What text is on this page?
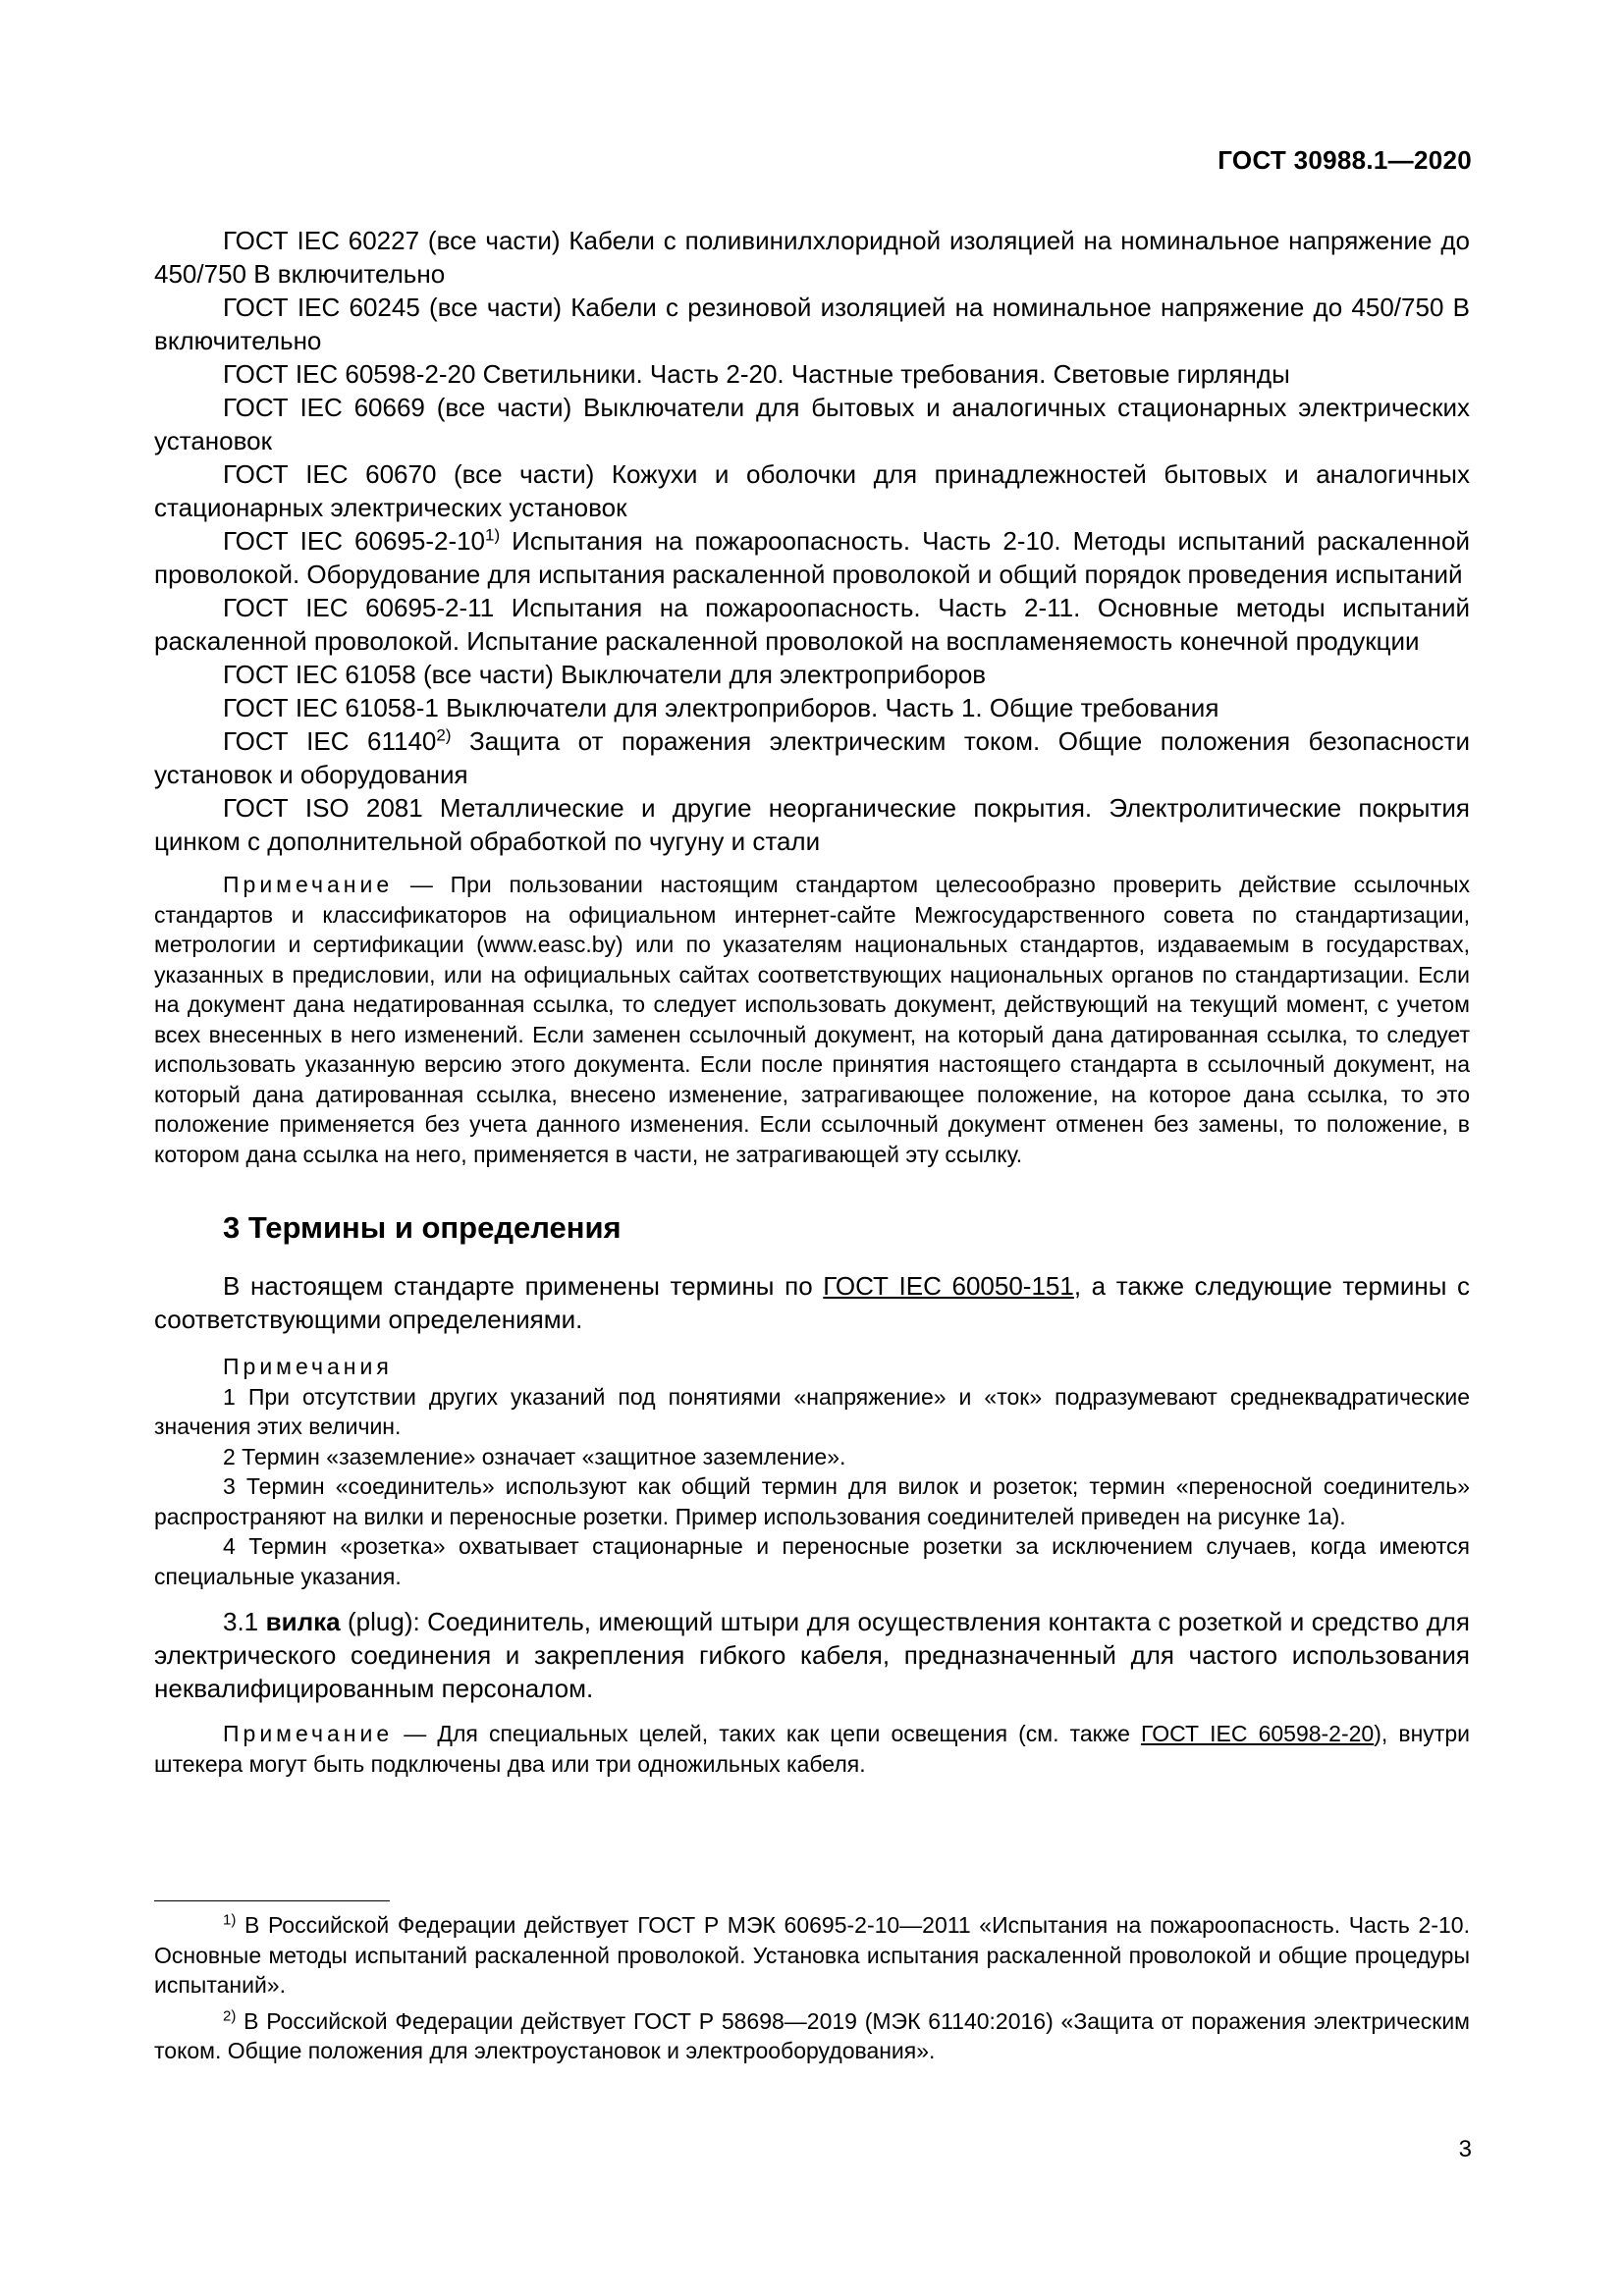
ГОСТ 30988.1—2020

ГОСТ IEC 60227 (все части) Кабели с поливинилхлоридной изоляцией на номинальное напряжение до 450/750 В включительно

ГОСТ IEC 60245 (все части) Кабели с резиновой изоляцией на номинальное напряжение до 450/750 В включительно

ГОСТ IEC 60598-2-20 Светильники. Часть 2-20. Частные требования. Световые гирлянды

ГОСТ IEC 60669 (все части) Выключатели для бытовых и аналогичных стационарных электрических установок

ГОСТ IEC 60670 (все части) Кожухи и оболочки для принадлежностей бытовых и аналогичных стационарных электрических установок

ГОСТ IEC 60695-2-10$^{1)}$ Испытания на пожароопасность. Часть 2-10. Методы испытаний раскаленной проволокой. Оборудование для испытания раскаленной проволокой и общий порядок проведения испытаний

ГОСТ IEC 60695-2-11 Испытания на пожароопасность. Часть 2-11. Основные методы испытаний раскаленной проволокой. Испытание раскаленной проволокой на воспламеняемость конечной продукции

ГОСТ IEC 61058 (все части) Выключатели для электроприборов

ГОСТ IEC 61058-1 Выключатели для электроприборов. Часть 1. Общие требования

ГОСТ IEC 61140$^{2)}$ Защита от поражения электрическим током. Общие положения безопасности установок и оборудования

ГОСТ ISO 2081 Металлические и другие неорганические покрытия. Электролитические покрытия цинком с дополнительной обработкой по чугуну и стали

Примечание — При пользовании настоящим стандартом целесообразно проверить действие ссылочных стандартов и классификаторов на официальном интернет-сайте Межгосударственного совета по стандартизации, метрологии и сертификации (www.easc.by) или по указателям национальных стандартов, издаваемым в государствах, указанных в предисловии, или на официальных сайтах соответствующих национальных органов по стандартизации. Если на документ дана недатированная ссылка, то следует использовать документ, действующий на текущий момент, с учетом всех внесенных в него изменений. Если заменен ссылочный документ, на который дана датированная ссылка, то следует использовать указанную версию этого документа. Если после принятия настоящего стандарта в ссылочный документ, на который дана датированная ссылка, внесено изменение, затрагивающее положение, на которое дана ссылка, то это положение применяется без учета данного изменения. Если ссылочный документ отменен без замены, то положение, в котором дана ссылка на него, применяется в части, не затрагивающей эту ссылку.

3 Термины и определения

В настоящем стандарте применены термины по ГОСТ IEC 60050-151, а также следующие термины с соответствующими определениями.

Примечания

1 При отсутствии других указаний под понятиями «напряжение» и «ток» подразумевают среднеквадратические значения этих величин.

2 Термин «заземление» означает «защитное заземление».

3 Термин «соединитель» используют как общий термин для вилок и розеток; термин «переносной соединитель» распространяют на вилки и переносные розетки. Пример использования соединителей приведен на рисунке 1а).

4 Термин «розетка» охватывает стационарные и переносные розетки за исключением случаев, когда имеются специальные указания.

3.1 вилка (plug): Соединитель, имеющий штыри для осуществления контакта с розеткой и средство для электрического соединения и закрепления гибкого кабеля, предназначенный для частого использования неквалифицированным персоналом.

Примечание — Для специальных целей, таких как цепи освещения (см. также ГОСТ IEC 60598-2-20), внутри штекера могут быть подключены два или три одножильных кабеля.

$^{1)}$ В Российской Федерации действует ГОСТ Р МЭК 60695-2-10—2011 «Испытания на пожароопасность. Часть 2-10. Основные методы испытаний раскаленной проволокой. Установка испытания раскаленной проволокой и общие процедуры испытаний».

$^{2)}$ В Российской Федерации действует ГОСТ Р 58698—2019 (МЭК 61140:2016) «Защита от поражения электрическим током. Общие положения для электроустановок и электрооборудования».

3
